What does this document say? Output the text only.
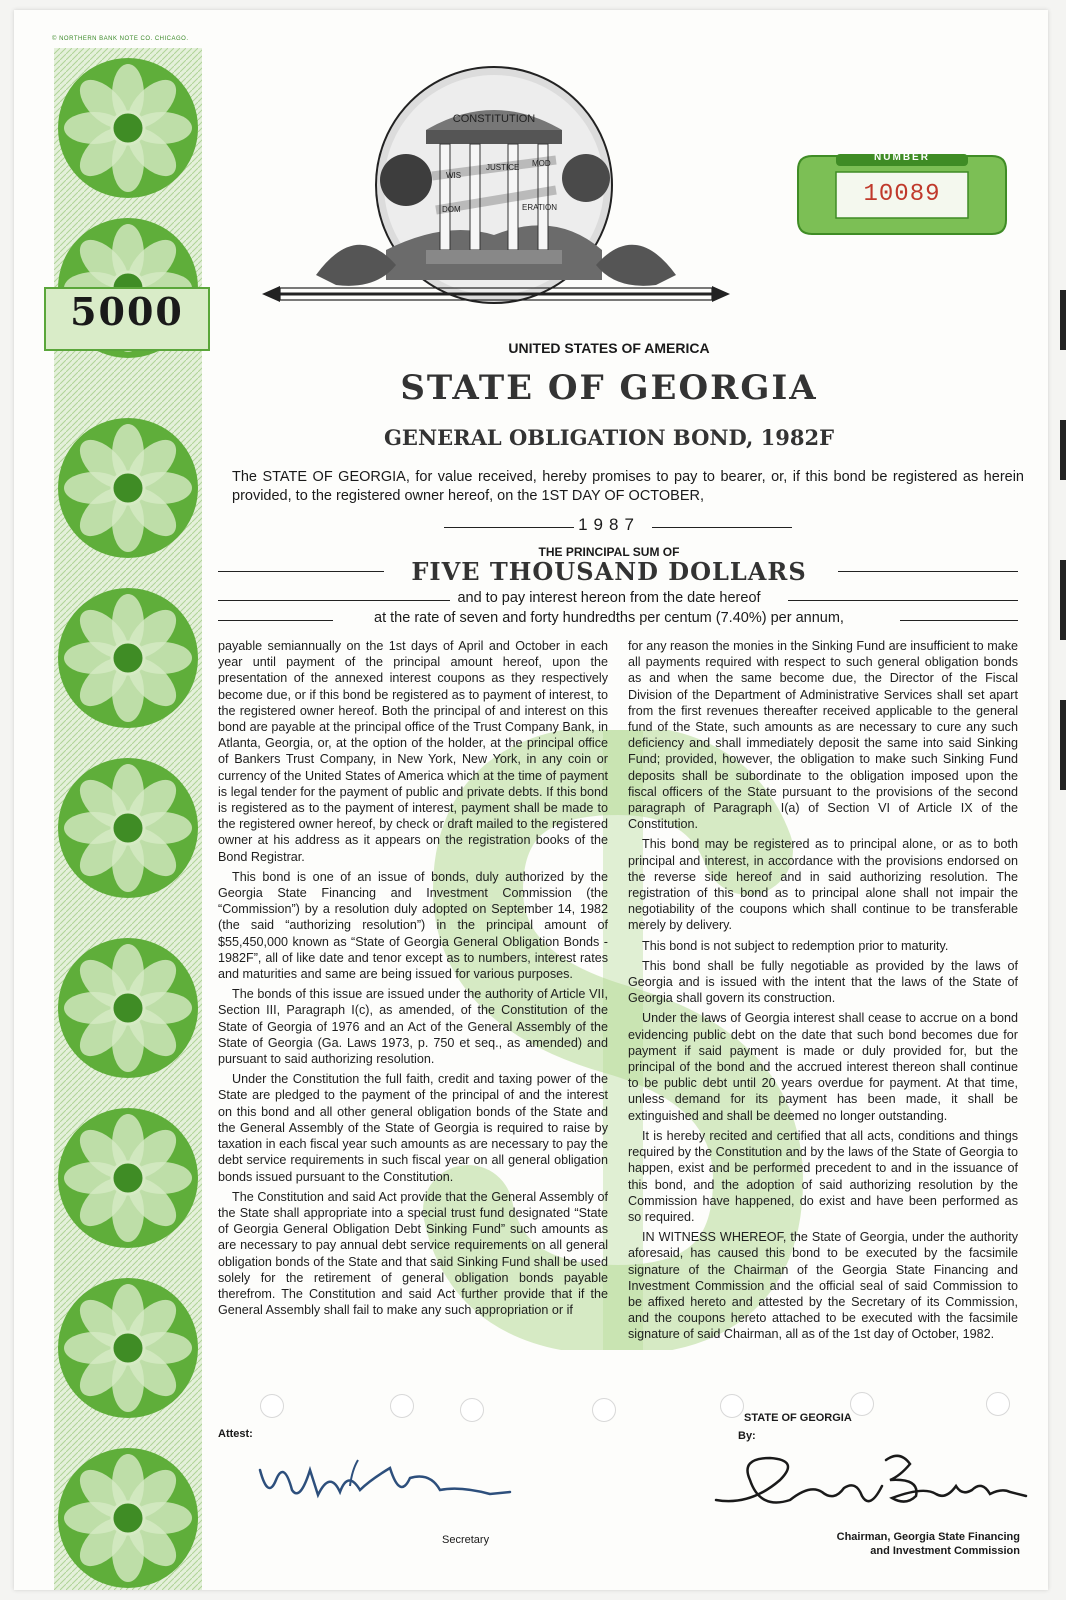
© NORTHERN BANK NOTE CO. CHICAGO.
5000
CONSTITUTION
WIS
JUSTICE MOD
DOM	ERATION
NUMBER
10089
UNITED STATES OF AMERICA
STATE OF GEORGIA
GENERAL OBLIGATION BOND, 1982F
The STATE OF GEORGIA, for value received, hereby promises to pay to bearer, or, if this bond be registered as herein provided, to the registered owner hereof, on the 1ST DAY OF OCTOBER,
1987
THE PRINCIPAL SUM OF
FIVE THOUSAND DOLLARS
and to pay interest hereon from the date hereof
at the rate of seven and forty hundredths per centum (7.40%) per annum,

payable semiannually on the 1st days of April and October in each year until payment of the principal amount hereof, upon the presentation of the annexed interest coupons as they respectively become due, or if this bond be registered as to payment of interest, to the registered owner hereof. Both the principal of and interest on this bond are payable at the principal office of the Trust Company Bank, in Atlanta, Georgia, or, at the option of the holder, at the principal office of Bankers Trust Company, in New York, New York, in any coin or currency of the United States of America which at the time of payment is legal tender for the payment of public and private debts. If this bond is registered as to the payment of interest, payment shall be made to the registered owner hereof, by check or draft mailed to the registered owner at his address as it appears on the registration books of the Bond Registrar.

This bond is one of an issue of bonds, duly authorized by the Georgia State Financing and Investment Commission (the “Commission”) by a resolution duly adopted on September 14, 1982 (the said “authorizing resolution”) in the principal amount of $55,450,000 known as “State of Georgia General Obligation Bonds - 1982F”, all of like date and tenor except as to numbers, interest rates and maturities and same are being issued for various purposes.

The bonds of this issue are issued under the authority of Article VII, Section III, Paragraph I(c), as amended, of the Constitution of the State of Georgia of 1976 and an Act of the General Assembly of the State of Georgia (Ga. Laws 1973, p. 750 et seq., as amended) and pursuant to said authorizing resolution.

Under the Constitution the full faith, credit and taxing power of the State are pledged to the payment of the principal of and the interest on this bond and all other general obligation bonds of the State and the General Assembly of the State of Georgia is required to raise by taxation in each fiscal year such amounts as are necessary to pay the debt service requirements in such fiscal year on all general obligation bonds issued pursuant to the Constitution.

The Constitution and said Act provide that the General Assembly of the State shall appropriate into a special trust fund designated “State of Georgia General Obligation Debt Sinking Fund” such amounts as are necessary to pay annual debt service requirements on all general obligation bonds of the State and that said Sinking Fund shall be used solely for the retirement of general obligation bonds payable therefrom. The Constitution and said Act further provide that if the General Assembly shall fail to make any such appropriation or if

for any reason the monies in the Sinking Fund are insufficient to make all payments required with respect to such general obligation bonds as and when the same become due, the Director of the Fiscal Division of the Department of Administrative Services shall set apart from the first revenues thereafter received applicable to the general fund of the State, such amounts as are necessary to cure any such deficiency and shall immediately deposit the same into said Sinking Fund; provided, however, the obligation to make such Sinking Fund deposits shall be subordinate to the obligation imposed upon the fiscal officers of the State pursuant to the provisions of the second paragraph of Paragraph I(a) of Section VI of Article IX of the Constitution.

This bond may be registered as to principal alone, or as to both principal and interest, in accordance with the provisions endorsed on the reverse side hereof and in said authorizing resolution. The registration of this bond as to principal alone shall not impair the negotiability of the coupons which shall continue to be transferable merely by delivery.

This bond is not subject to redemption prior to maturity.

This bond shall be fully negotiable as provided by the laws of Georgia and is issued with the intent that the laws of the State of Georgia shall govern its construction.

Under the laws of Georgia interest shall cease to accrue on a bond evidencing public debt on the date that such bond becomes due for payment if said payment is made or duly provided for, but the principal of the bond and the accrued interest thereon shall continue to be public debt until 20 years overdue for payment. At that time, unless demand for its payment has been made, it shall be extinguished and shall be deemed no longer outstanding.

It is hereby recited and certified that all acts, conditions and things required by the Constitution and by the laws of the State of Georgia to happen, exist and be performed precedent to and in the issuance of this bond, and the adoption of said authorizing resolution by the Commission have happened, do exist and have been performed as so required.

IN WITNESS WHEREOF, the State of Georgia, under the authority aforesaid, has caused this bond to be executed by the facsimile signature of the Chairman of the Georgia State Financing and Investment Commission and the official seal of said Commission to be affixed hereto and attested by the Secretary of its Commission, and the coupons hereto attached to be executed with the facsimile signature of said Chairman, all as of the 1st day of October, 1982.

STATE OF GEORGIA
Attest:	By:
W.M. Nixon
George Busbee
Secretary	Chairman, Georgia State Financing
and Investment Commission
